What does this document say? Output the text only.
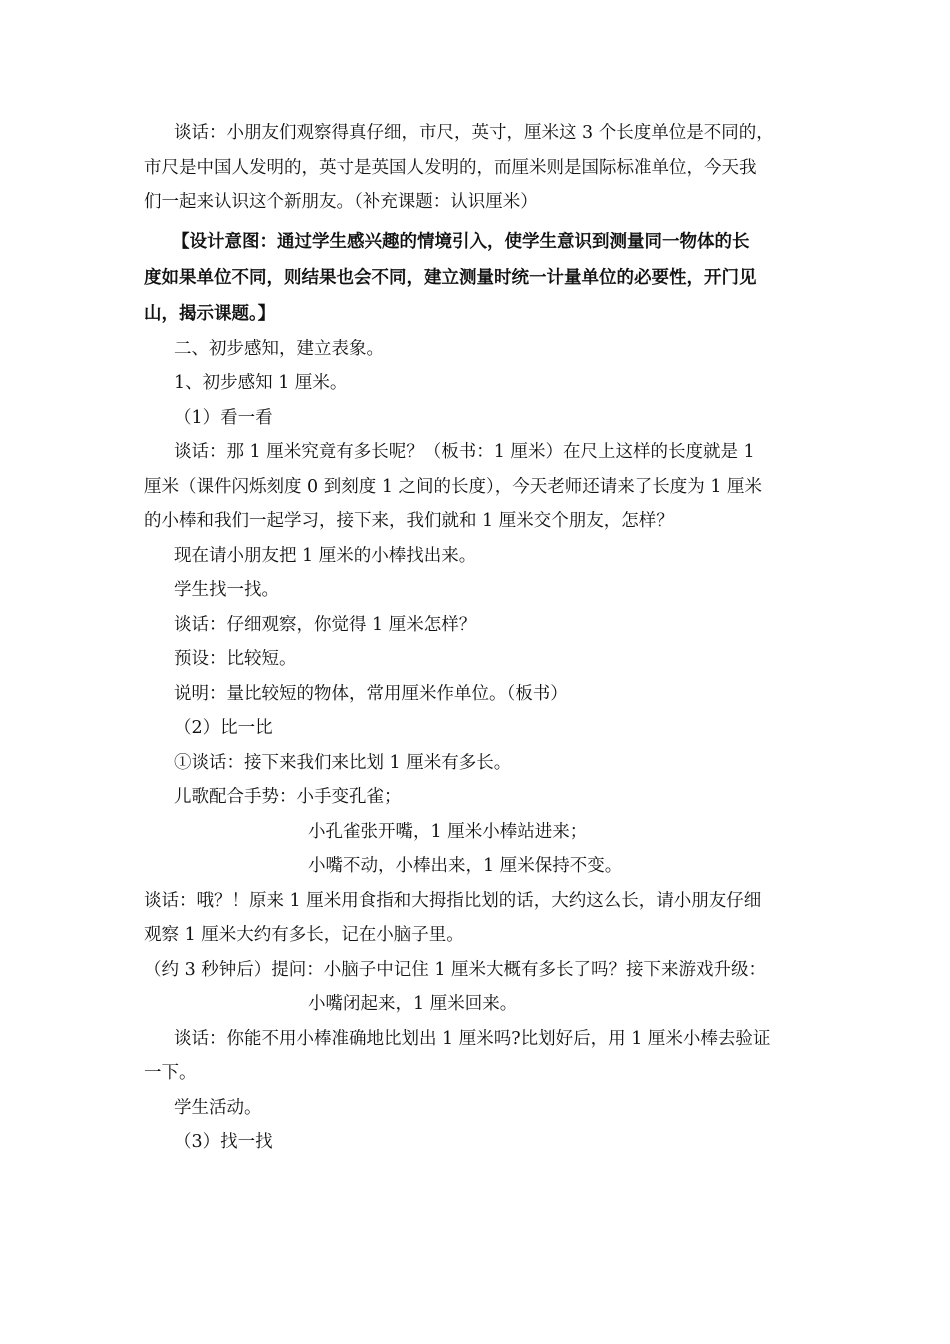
谈话：小朋友们观察得真仔细，市尺，英寸，厘米这 3 个长度单位是不同的，
市尺是中国人发明的，英寸是英国人发明的，而厘米则是国际标准单位，今天我
们一起来认识这个新朋友。（补充课题：认识厘米）
【设计意图：通过学生感兴趣的情境引入，使学生意识到测量同一物体的长
度如果单位不同，则结果也会不同，建立测量时统一计量单位的必要性，开门见
山，揭示课题。】
二、初步感知，建立表象。
1、初步感知 1 厘米。
（1）看一看
谈话：那 1 厘米究竟有多长呢？（板书：1 厘米）在尺上这样的长度就是 1
厘米（课件闪烁刻度 0 到刻度 1 之间的长度），今天老师还请来了长度为 1 厘米
的小棒和我们一起学习，接下来，我们就和 1 厘米交个朋友，怎样？
现在请小朋友把 1 厘米的小棒找出来。
学生找一找。
谈话：仔细观察，你觉得 1 厘米怎样？
预设：比较短。
说明：量比较短的物体，常用厘米作单位。（板书）
（2）比一比
①谈话：接下来我们来比划 1 厘米有多长。
儿歌配合手势：小手变孔雀；
小孔雀张开嘴，1 厘米小棒站进来；
小嘴不动，小棒出来，1 厘米保持不变。
谈话：哦？！原来 1 厘米用食指和大拇指比划的话，大约这么长，请小朋友仔细
观察 1 厘米大约有多长，记在小脑子里。
（约 3 秒钟后）提问：小脑子中记住 1 厘米大概有多长了吗？接下来游戏升级：
小嘴闭起来，1 厘米回来。
谈话：你能不用小棒准确地比划出 1 厘米吗?比划好后，用 1 厘米小棒去验证
一下。
学生活动。
（3）找一找
